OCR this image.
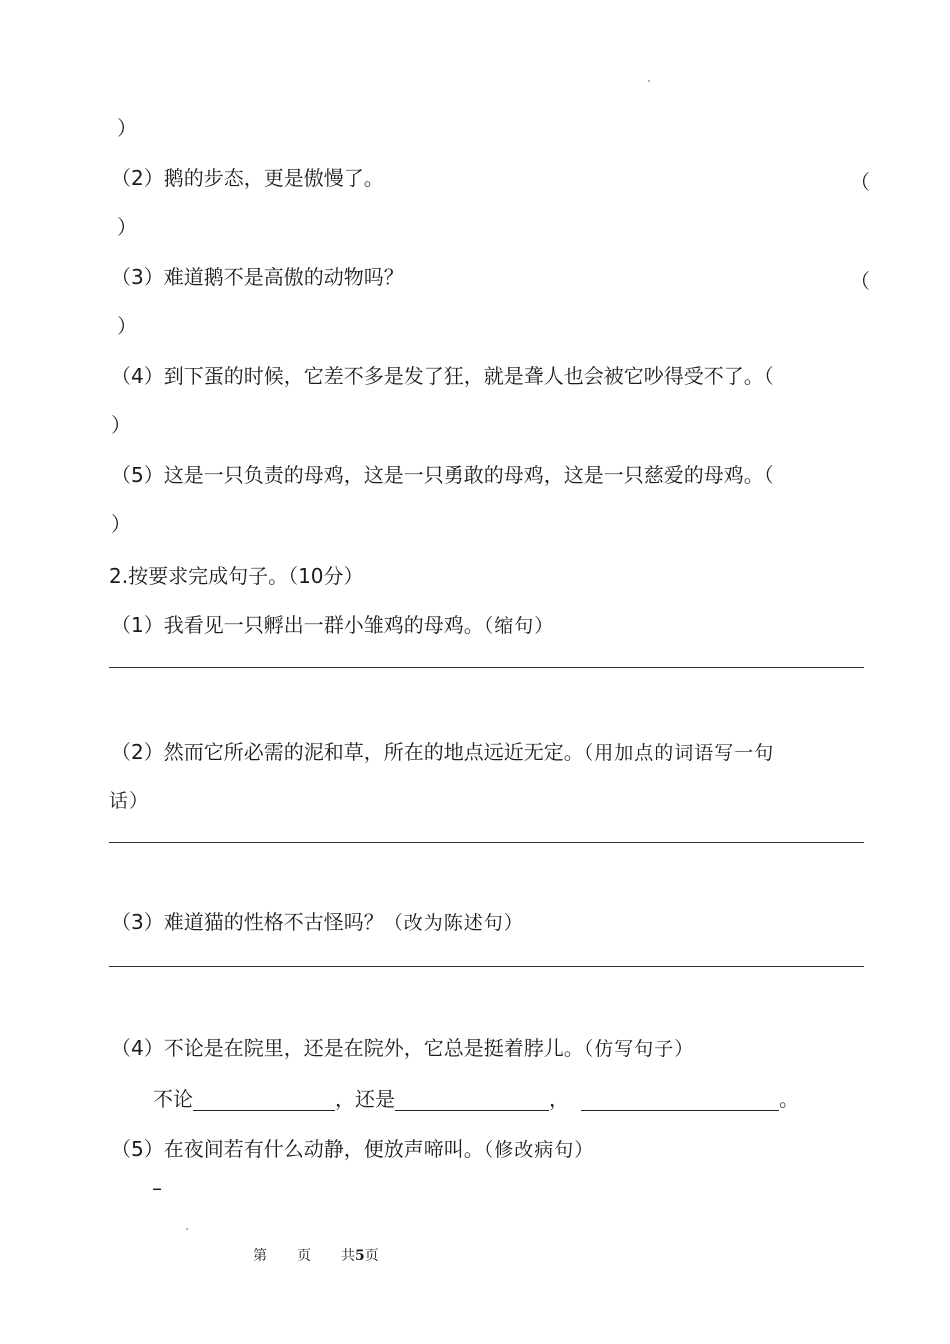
）
（2）鹅的步态，更是傲慢了。	（
）
（3）难道鹅不是高傲的动物吗？	（
）
（4）到下蛋的时候，它差不多是发了狂，就是聋人也会被它吵得受不了。（
）
（5）这是一只负责的母鸡，这是一只勇敢的母鸡，这是一只慈爱的母鸡。（
）
2.按要求完成句子。（10分）
（1）我看见一只孵出一群小雏鸡的母鸡。（缩句）
（2）然而它所必需的泥和草，所在的地点远近无定。（用加点的词语写一句
话）
（3）难道猫的性格不古怪吗？（改为陈述句）
（4）不论是在院里，还是在院外，它总是挺着脖儿。（仿写句子）
不论	，还是	，	。
（5）在夜间若有什么动静，便放声啼叫。（修改病句）
–
第 页 共5页
